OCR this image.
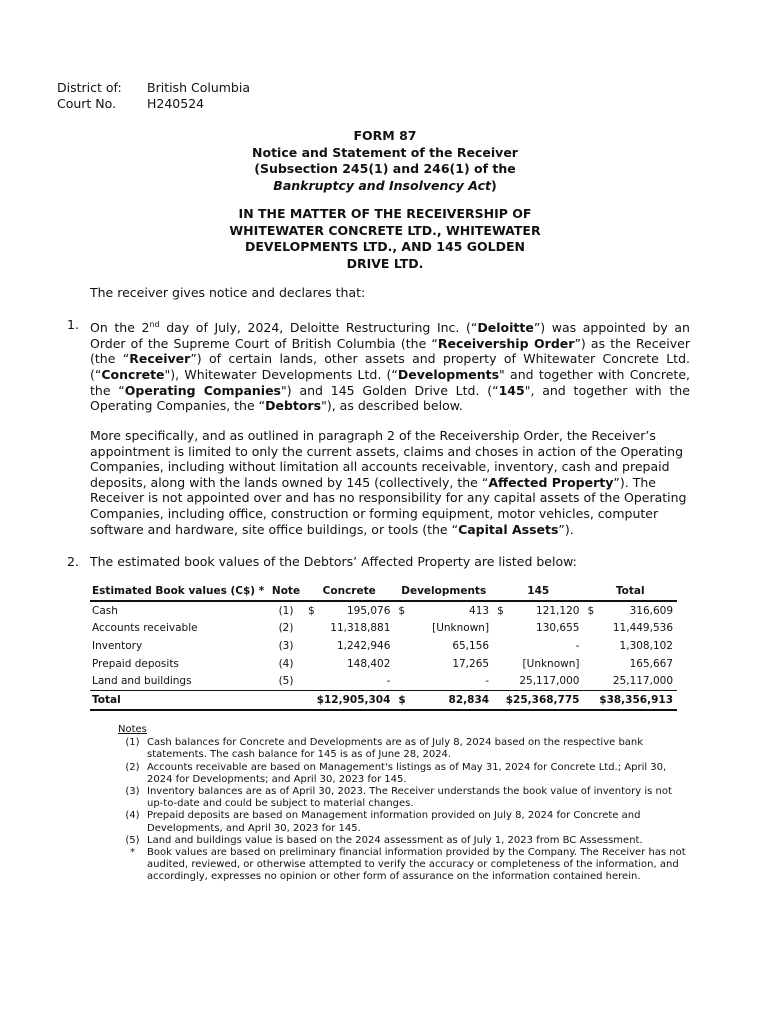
District of:	British Columbia
Court No.	H240524
FORM 87
Notice and Statement of the Receiver
(Subsection 245(1) and 246(1) of the
Bankruptcy and Insolvency Act)
IN THE MATTER OF THE RECEIVERSHIP OF
WHITEWATER CONCRETE LTD., WHITEWATER
DEVELOPMENTS LTD., AND 145 GOLDEN
DRIVE LTD.
The receiver gives notice and declares that:
1. On the 2nd day of July, 2024, Deloitte Restructuring Inc. (“Deloitte”) was appointed by an Order of the Supreme Court of British Columbia (the “Receivership Order”) as the Receiver (the “Receiver”) of certain lands, other assets and property of Whitewater Concrete Ltd. (“Concrete"), Whitewater Developments Ltd. (“Developments" and together with Concrete, the “Operating Companies") and 145 Golden Drive Ltd. (“145", and together with the Operating Companies, the “Debtors"), as described below.
More specifically, and as outlined in paragraph 2 of the Receivership Order, the Receiver’s appointment is limited to only the current assets, claims and choses in action of the Operating Companies, including without limitation all accounts receivable, inventory, cash and prepaid deposits, along with the lands owned by 145 (collectively, the “Affected Property”). The Receiver is not appointed over and has no responsibility for any capital assets of the Operating Companies, including office, construction or forming equipment, motor vehicles, computer software and hardware, site office buildings, or tools (the “Capital Assets”).
2. The estimated book values of the Debtors’ Affected Property are listed below:
Estimated Book values (C$) *	Note	Concrete		Developments		145		Total	
Cash	(1)	$	195,076	$	413	$	121,120	$	316,609
Accounts receivable	(2)		11,318,881		[Unknown]		130,655		11,449,536
Inventory	(3)		1,242,946		65,156		-		1,308,102
Prepaid deposits	(4)		148,402		17,265		[Unknown]		165,667
Land and buildings	(5)		-		-		25,117,000		25,117,000
Total		$12,905,304		$	82,834	$25,368,775		$38,356,913	
Notes
(1) Cash balances for Concrete and Developments are as of July 8, 2024 based on the respective bank statements. The cash balance for 145 is as of June 28, 2024.
(2) Accounts receivable are based on Management's listings as of May 31, 2024 for Concrete Ltd.; April 30, 2024 for Developments; and April 30, 2023 for 145.
(3) Inventory balances are as of April 30, 2023. The Receiver understands the book value of inventory is not up-to-date and could be subject to material changes.
(4) Prepaid deposits are based on Management information provided on July 8, 2024 for Concrete and Developments, and April 30, 2023 for 145.
(5) Land and buildings value is based on the 2024 assessment as of July 1, 2023 from BC Assessment.
*	Book values are based on preliminary financial information provided by the Company. The Receiver has not audited, reviewed, or otherwise attempted to verify the accuracy or completeness of the information, and accordingly, expresses no opinion or other form of assurance on the information contained herein.
